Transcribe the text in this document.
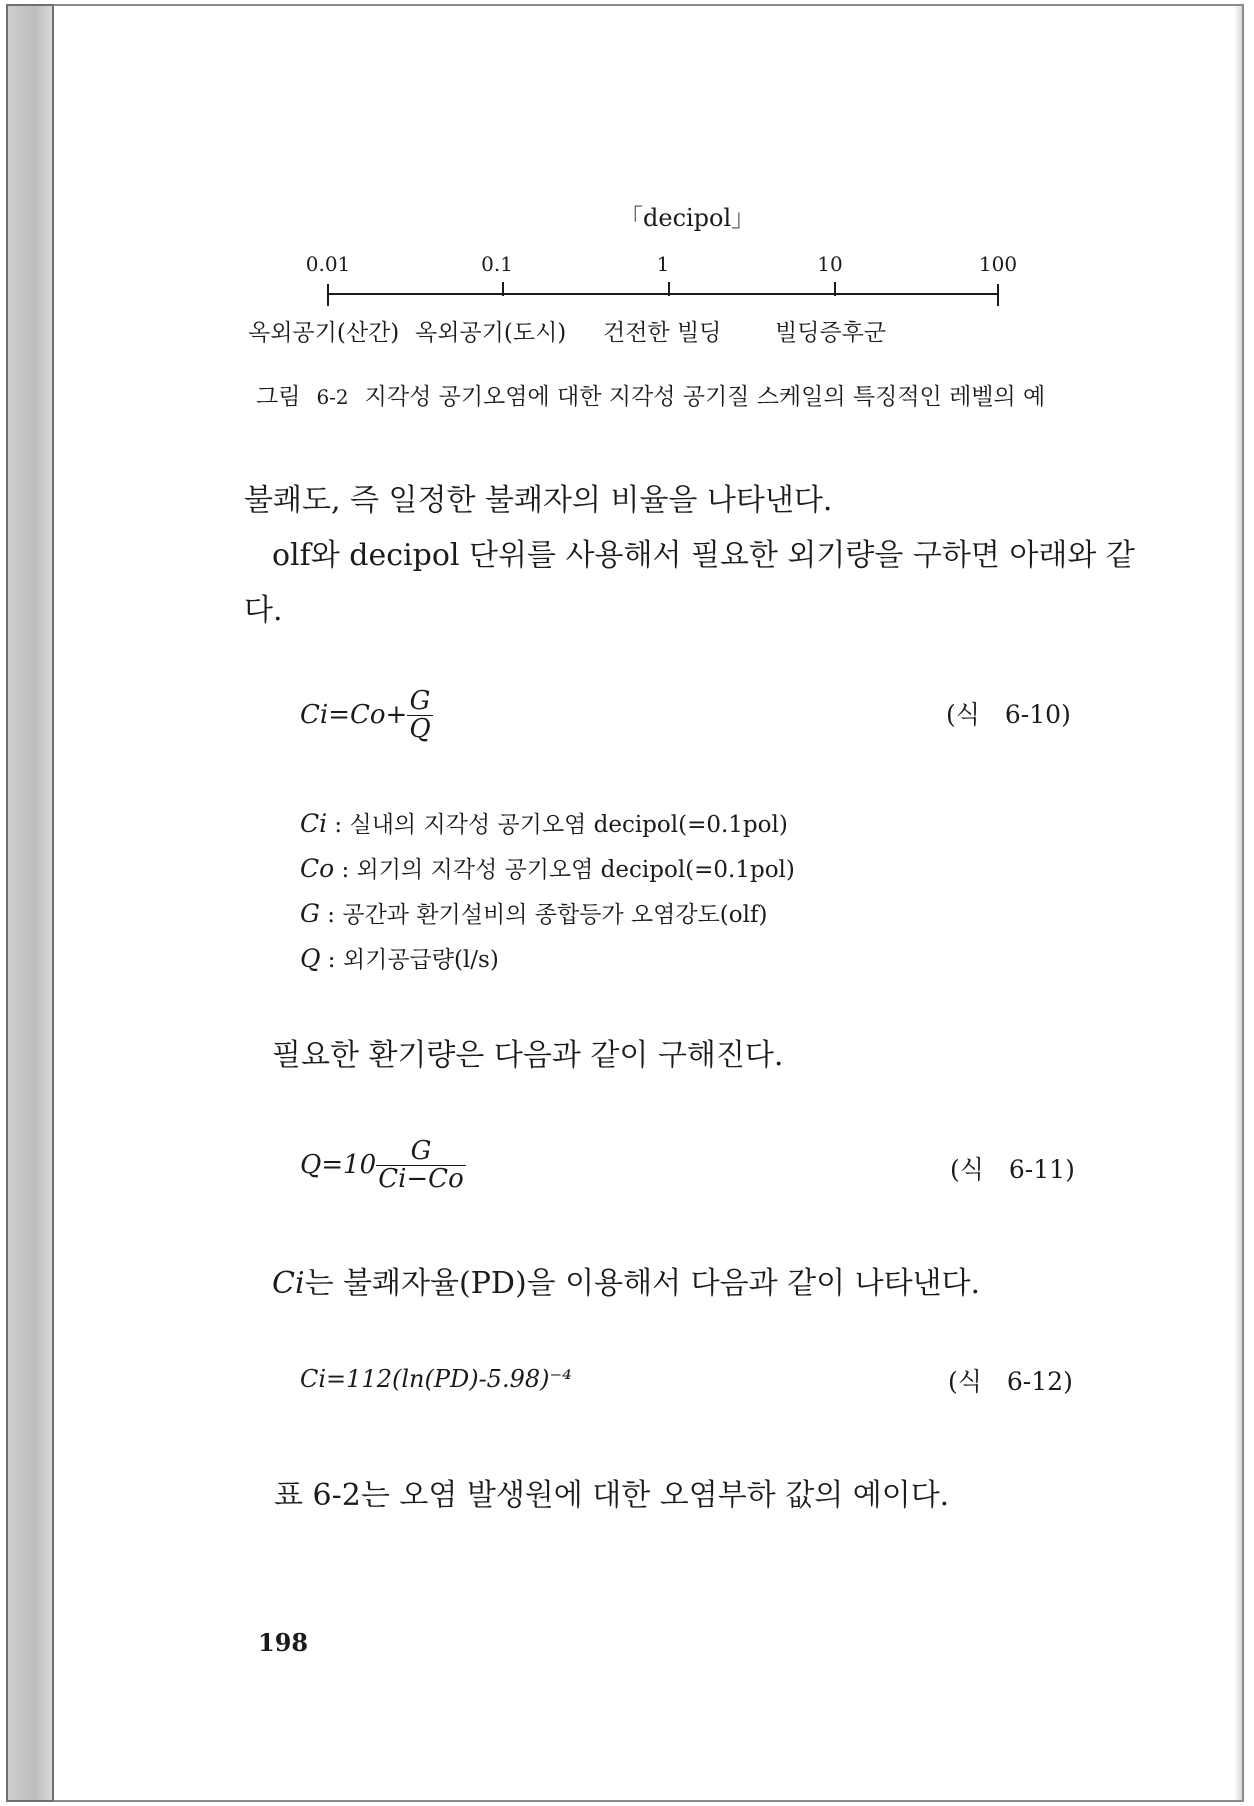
「decipol」
0.01	0.1	1	10	100
옥외공기(산간) 옥외공기(도시) 건전한 빌딩 빌딩증후군
그림 6-2 지각성 공기오염에 대한 지각성 공기질 스케일의 특징적인 레벨의 예
불쾌도, 즉 일정한 불쾌자의 비율을 나타낸다.
olf와 decipol 단위를 사용해서 필요한 외기량을 구하면 아래와 같
다.
$Ci=Co+ \frac{G}{Q}$	(식　6-10)
Ci : 실내의 지각성 공기오염 decipol(=0.1pol)
Co : 외기의 지각성 공기오염 decipol(=0.1pol)
G : 공간과 환기설비의 종합등가 오염강도(olf)
Q : 외기공급량(l/s)
필요한 환기량은 다음과 같이 구해진다.
$Q=10 \frac{G}{Ci-Co}$	(식　6-11)
Ci는 불쾌자율(PD)을 이용해서 다음과 같이 나타낸다.
Ci=112(ln(PD)-5.98)⁻⁴	(식　6-12)
표 6-2는 오염 발생원에 대한 오염부하 값의 예이다.
198
